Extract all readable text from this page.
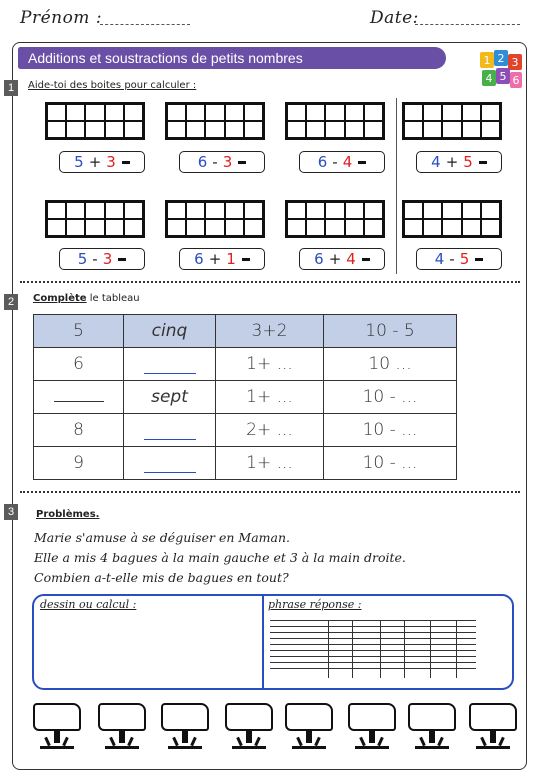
Prénom :	Date:
Additions et soustractions de petits nombres	1 2 3
4 5 6
1	Aide-toi des boites pour calculer :
5 + 3	6 - 3	6 - 4	4 + 5
5 - 3	6 + 1	6 + 4	4 - 5
2	Complète le tableau
5	cinq	3+2	10 - 5
6		1+ ...	10 ...
	sept	1+ ...	10 - ...
8		2+ ...	10 - ...
9		1+ ...	10 - ...
3	Problèmes.
Marie s'amuse à se déguiser en Maman.
Elle a mis 4 bagues à la main gauche et 3 à la main droite.
Combien a-t-elle mis de bagues en tout?
dessin ou calcul :	phrase réponse :
